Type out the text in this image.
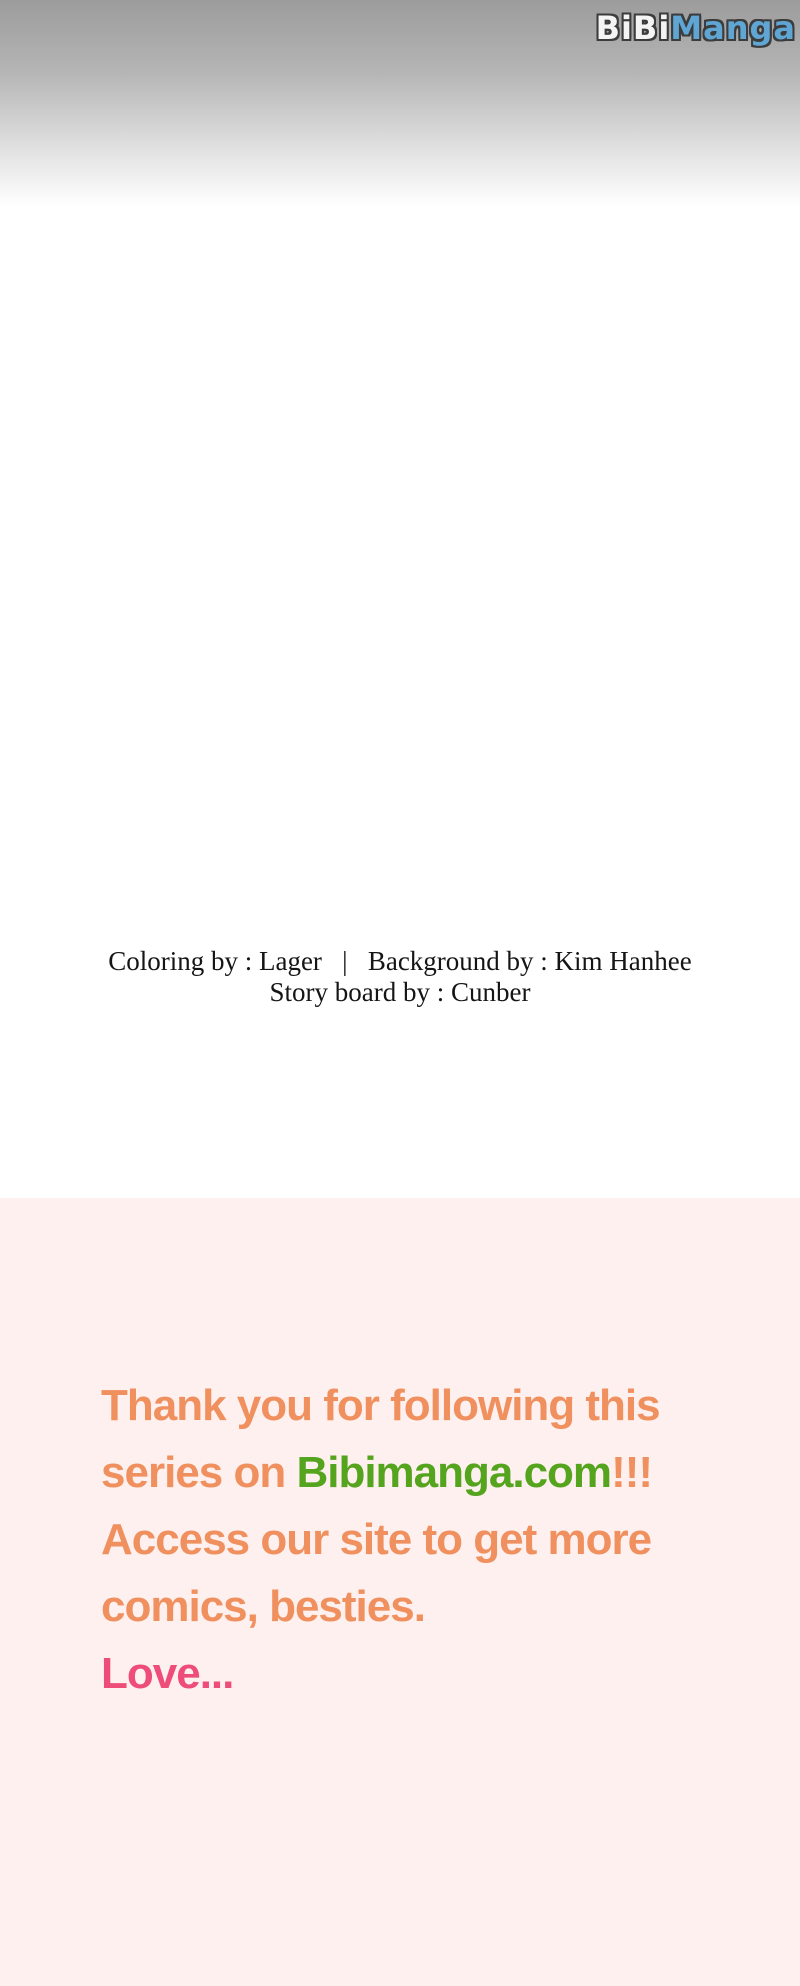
BiBiManga
Coloring by : Lager   |   Background by : Kim Hanhee
Story board by : Cunber
Thank you for following this
series on Bibimanga.com!!!
Access our site to get more
comics, besties.
Love...
